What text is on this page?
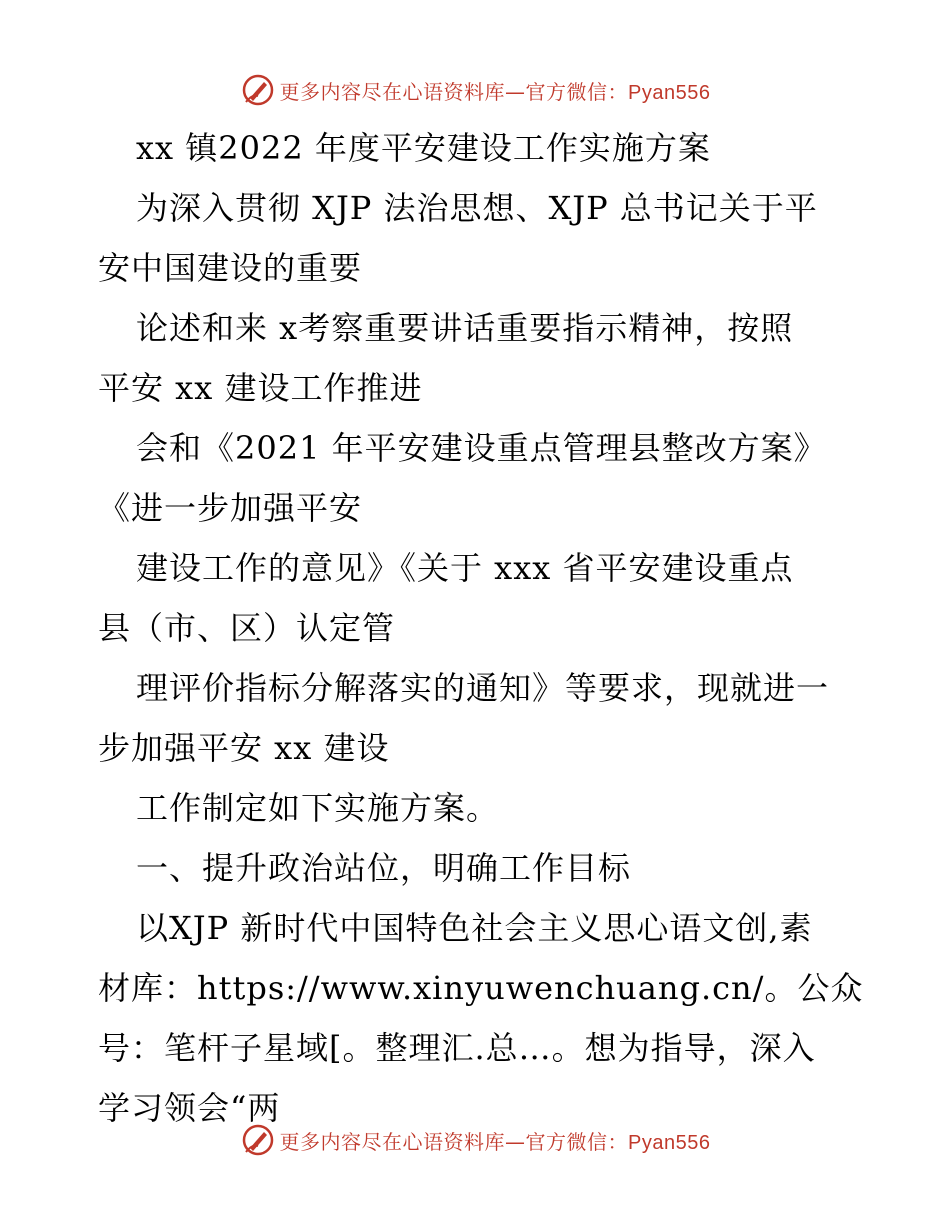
更多内容尽在心语资料库—官方微信：Pyan556

xx 镇2022 年度平安建设工作实施方案

为深入贯彻 XJP 法治思想、XJP 总书记关于平

安中国建设的重要

论述和来 x考察重要讲话重要指示精神，按照

平安 xx 建设工作推进

会和《2021 年平安建设重点管理县整改方案》

《进一步加强平安

建设工作的意见》《关于 xxx 省平安建设重点

县（市、区）认定管

理评价指标分解落实的通知》等要求，现就进一

步加强平安 xx 建设

工作制定如下实施方案。

一、提升政治站位，明确工作目标

以XJP 新时代中国特色社会主义思心语文创,素

材库：https://www.xinyuwenchuang.cn/。公众

号：笔杆子星域[。整理汇.总…。想为指导，深入

学习领会“两

更多内容尽在心语资料库—官方微信：Pyan556
